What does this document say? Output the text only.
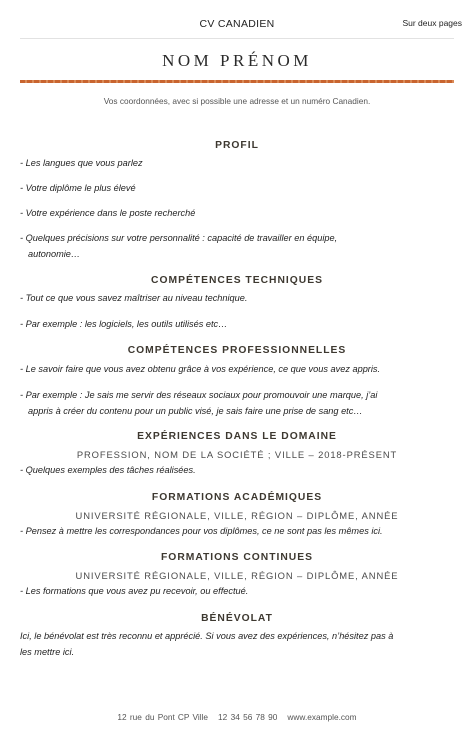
CV CANADIEN	Sur deux pages
NOM PRÉNOM
Vos coordonnées, avec si possible une adresse et un numéro Canadien.
PROFIL
- Les langues que vous parlez
- Votre diplôme le plus élevé
- Votre expérience dans le poste recherché
- Quelques précisions sur votre personnalité : capacité de travailler en équipe,
autonomie…
COMPÉTENCES TECHNIQUES
- Tout ce que vous savez maîtriser au niveau technique.
- Par exemple : les logiciels, les outils utilisés etc…
COMPÉTENCES PROFESSIONNELLES
- Le savoir faire que vous avez obtenu grâce à vos expérience, ce que vous avez appris.
- Par exemple : Je sais me servir des réseaux sociaux pour promouvoir une marque, j’ai
appris à créer du contenu pour un public visé, je sais faire une prise de sang etc…
EXPÉRIENCES DANS LE DOMAINE
PROFESSION, NOM DE LA SOCIÉTÉ ; VILLE – 2018-PRÉSENT
- Quelques exemples des tâches réalisées.
FORMATIONS ACADÉMIQUES
UNIVERSITÉ RÉGIONALE, VILLE, RÉGION – DIPLÔME, ANNÉE
- Pensez à mettre les correspondances pour vos diplômes, ce ne sont pas les mêmes ici.
FORMATIONS CONTINUES
UNIVERSITÉ RÉGIONALE, VILLE, RÉGION – DIPLÔME, ANNÉE
- Les formations que vous avez pu recevoir, ou effectué.
BÉNÉVOLAT
Ici, le bénévolat est très reconnu et apprécié. Si vous avez des expériences, n’hésitez pas à
les mettre ici.
12 rue du Pont CP Ville 12 34 56 78 90 www.example.com
